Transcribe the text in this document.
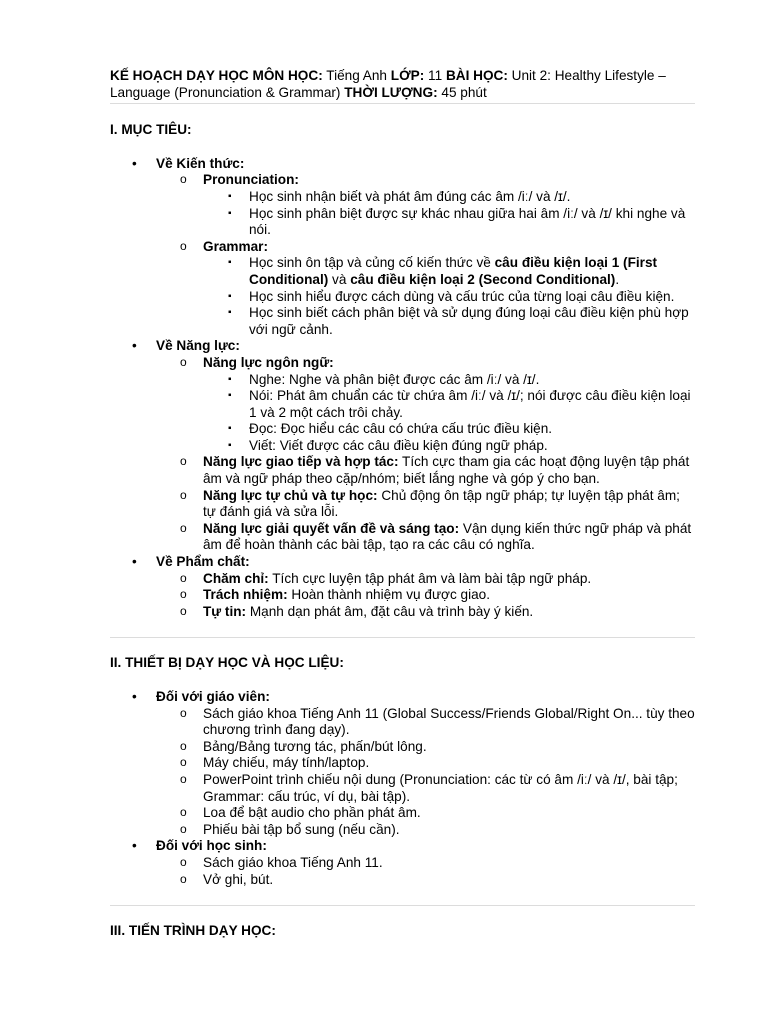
KẾ HOẠCH DẠY HỌC MÔN HỌC: Tiếng Anh LỚP: 11 BÀI HỌC: Unit 2: Healthy Lifestyle – Language (Pronunciation & Grammar) THỜI LƯỢNG: 45 phút

I. MỤC TIÊU:

• Về Kiến thức:
o Pronunciation:
▪ Học sinh nhận biết và phát âm đúng các âm /iː/ và /ɪ/.
▪ Học sinh phân biệt được sự khác nhau giữa hai âm /iː/ và /ɪ/ khi nghe và nói.
o Grammar:
▪ Học sinh ôn tập và củng cố kiến thức về câu điều kiện loại 1 (First Conditional) và câu điều kiện loại 2 (Second Conditional).
▪ Học sinh hiểu được cách dùng và cấu trúc của từng loại câu điều kiện.
▪ Học sinh biết cách phân biệt và sử dụng đúng loại câu điều kiện phù hợp với ngữ cảnh.
• Về Năng lực:
o Năng lực ngôn ngữ:
▪ Nghe: Nghe và phân biệt được các âm /iː/ và /ɪ/.
▪ Nói: Phát âm chuẩn các từ chứa âm /iː/ và /ɪ/; nói được câu điều kiện loại 1 và 2 một cách trôi chảy.
▪ Đọc: Đọc hiểu các câu có chứa cấu trúc điều kiện.
▪ Viết: Viết được các câu điều kiện đúng ngữ pháp.
o Năng lực giao tiếp và hợp tác: Tích cực tham gia các hoạt động luyện tập phát âm và ngữ pháp theo cặp/nhóm; biết lắng nghe và góp ý cho bạn.
o Năng lực tự chủ và tự học: Chủ động ôn tập ngữ pháp; tự luyện tập phát âm; tự đánh giá và sửa lỗi.
o Năng lực giải quyết vấn đề và sáng tạo: Vận dụng kiến thức ngữ pháp và phát âm để hoàn thành các bài tập, tạo ra các câu có nghĩa.
• Về Phẩm chất:
o Chăm chỉ: Tích cực luyện tập phát âm và làm bài tập ngữ pháp.
o Trách nhiệm: Hoàn thành nhiệm vụ được giao.
o Tự tin: Mạnh dạn phát âm, đặt câu và trình bày ý kiến.

II. THIẾT BỊ DẠY HỌC VÀ HỌC LIỆU:

• Đối với giáo viên:
o Sách giáo khoa Tiếng Anh 11 (Global Success/Friends Global/Right On... tùy theo chương trình đang dạy).
o Bảng/Bảng tương tác, phấn/bút lông.
o Máy chiếu, máy tính/laptop.
o PowerPoint trình chiếu nội dung (Pronunciation: các từ có âm /iː/ và /ɪ/, bài tập; Grammar: cấu trúc, ví dụ, bài tập).
o Loa để bật audio cho phần phát âm.
o Phiếu bài tập bổ sung (nếu cần).
• Đối với học sinh:
o Sách giáo khoa Tiếng Anh 11.
o Vở ghi, bút.

III. TIẾN TRÌNH DẠY HỌC:
